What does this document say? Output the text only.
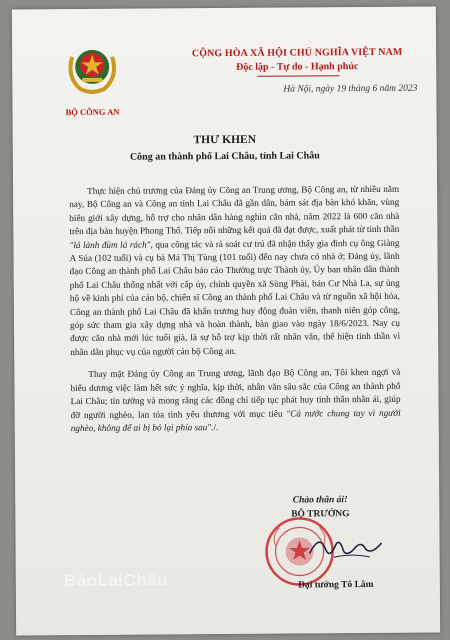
BỘ CÔNG AN
CỘNG HÒA XÃ HỘI CHỦ NGHĨA VIỆT NAM
Độc lập - Tự do - Hạnh phúc
Hà Nội, ngày 19 tháng 6 năm 2023
THƯ KHEN
Công an thành phố Lai Châu, tỉnh Lai Châu

Thực hiện chủ trương của Đảng ủy Công an Trung ương, Bộ Công an, từ nhiều năm nay, Bộ Công an và Công an tỉnh Lai Châu đã gần dân, bám sát địa bàn khó khăn, vùng biên giới xây dựng, hỗ trợ cho nhân dân hàng nghìn căn nhà, năm 2022 là 600 căn nhà trên địa bàn huyện Phong Thổ. Tiếp nối những kết quả đã đạt được, xuất phát từ tinh thần "lá lành đùm lá rách", qua công tác và rà soát cư trú đã nhận thấy gia đình cụ ông Giàng A Súa (102 tuổi) và cụ bà Má Thị Tùng (101 tuổi) đến nay chưa có nhà ở; Đảng ủy, lãnh đạo Công an thành phố Lai Châu báo cáo Thường trực Thành ủy, Ủy ban nhân dân thành phố Lai Châu thống nhất với cấp ủy, chính quyền xã Sùng Phài, bản Cư Nhà La, sự ủng hộ về kinh phí của cán bộ, chiến sĩ Công an thành phố Lai Châu và từ nguồn xã hội hóa, Công an thành phố Lai Châu đã khẩn trương huy động đoàn viên, thanh niên góp công, góp sức tham gia xây dựng nhà và hoàn thành, bàn giao vào ngày 18/6/2023. Nay cụ được căn nhà mới lúc tuổi già, là sự hỗ trợ kịp thời rất nhân văn, thể hiện tinh thần vì nhân dân phục vụ của người cán bộ Công an.

Thay mặt Đảng ủy Công an Trung ương, lãnh đạo Bộ Công an, Tôi khen ngợi và biểu dương việc làm hết sức ý nghĩa, kịp thời, nhân văn sâu sắc của Công an thành phố Lai Châu; tin tưởng và mong rằng các đồng chí tiếp tục phát huy tinh thần nhân ái, giúp đỡ người nghèo, lan tỏa tình yêu thương với mục tiêu "Cả nước chung tay vì người nghèo, không để ai bị bỏ lại phía sau"./.

Chào thân ái!
BỘ TRƯỞNG
Đại tướng Tô Lâm
BáoLaiChâu
